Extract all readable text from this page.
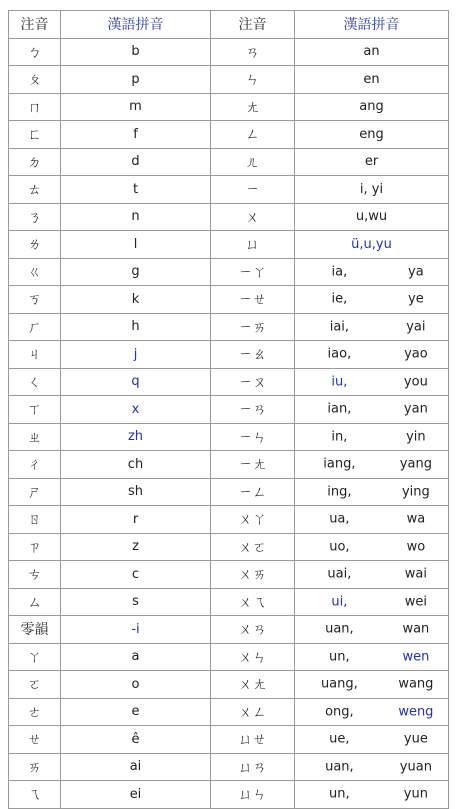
注音	漢語拼音	注音	漢語拼音
ㄅ	b	ㄢ	an
ㄆ	p	ㄣ	en
ㄇ	m	ㄤ	ang
ㄈ	f	ㄥ	eng
ㄉ	d	ㄦ	er
ㄊ	t	ㄧ	i, yi
ㄋ	n	ㄨ	u,wu
ㄌ	l	ㄩ	ü,u,yu
ㄍ	g	ㄧㄚ	ia, ya

ㄎ	k	ㄧㄝ	ie, ye

ㄏ	h	ㄧㄞ	iai, yai

ㄐ	j	ㄧㄠ	iao, yao

ㄑ	q	ㄧㄡ	iu, you

ㄒ	x	ㄧㄢ	ian, yan

ㄓ	zh	ㄧㄣ	in, yin

ㄔ	ch	ㄧㄤ	iang, yang

ㄕ	sh	ㄧㄥ	ing, ying

ㄖ	r	ㄨㄚ	ua, wa

ㄗ	z	ㄨㄛ	uo, wo

ㄘ	c	ㄨㄞ	uai, wai

ㄙ	s	ㄨㄟ	ui, wei

零韻	-i	ㄨㄢ	uan, wan

ㄚ	a	ㄨㄣ	un, wen

ㄛ	o	ㄨㄤ	uang, wang

ㄜ	e	ㄨㄥ	ong, weng

ㄝ	ê	ㄩㄝ	ue, yue

ㄞ	ai	ㄩㄢ	uan, yuan

ㄟ	ei	ㄩㄣ	un, yun
